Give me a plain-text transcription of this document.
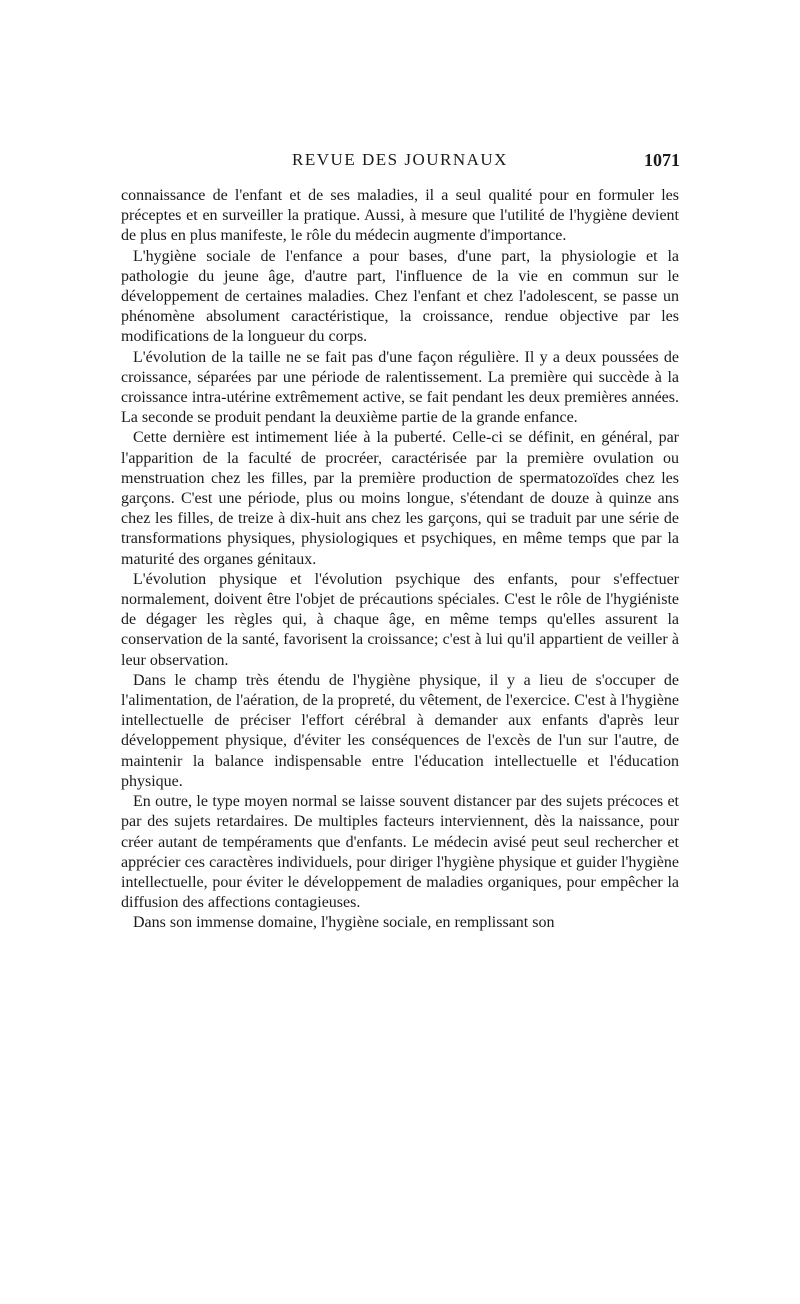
REVUE DES JOURNAUX	1071

connaissance de l'enfant et de ses maladies, il a seul qualité pour en formuler les préceptes et en surveiller la pratique. Aussi, à mesure que l'utilité de l'hygiène devient de plus en plus manifeste, le rôle du médecin augmente d'importance.

L'hygiène sociale de l'enfance a pour bases, d'une part, la physiologie et la pathologie du jeune âge, d'autre part, l'influence de la vie en commun sur le développement de certaines maladies. Chez l'enfant et chez l'adolescent, se passe un phénomène absolument caractéristique, la croissance, rendue objective par les modifications de la longueur du corps.

L'évolution de la taille ne se fait pas d'une façon régulière. Il y a deux poussées de croissance, séparées par une période de ralentissement. La première qui succède à la croissance intra-utérine extrêmement active, se fait pendant les deux premières années. La seconde se produit pendant la deuxième partie de la grande enfance.

Cette dernière est intimement liée à la puberté. Celle-ci se définit, en général, par l'apparition de la faculté de procréer, caractérisée par la première ovulation ou menstruation chez les filles, par la première production de spermatozoïdes chez les garçons. C'est une période, plus ou moins longue, s'étendant de douze à quinze ans chez les filles, de treize à dix-huit ans chez les garçons, qui se traduit par une série de transformations physiques, physiologiques et psychiques, en même temps que par la maturité des organes génitaux.

L'évolution physique et l'évolution psychique des enfants, pour s'effectuer normalement, doivent être l'objet de précautions spéciales. C'est le rôle de l'hygiéniste de dégager les règles qui, à chaque âge, en même temps qu'elles assurent la conservation de la santé, favorisent la croissance; c'est à lui qu'il appartient de veiller à leur observation.

Dans le champ très étendu de l'hygiène physique, il y a lieu de s'occuper de l'alimentation, de l'aération, de la propreté, du vêtement, de l'exercice. C'est à l'hygiène intellectuelle de préciser l'effort cérébral à demander aux enfants d'après leur développement physique, d'éviter les conséquences de l'excès de l'un sur l'autre, de maintenir la balance indispensable entre l'éducation intellectuelle et l'éducation physique.

En outre, le type moyen normal se laisse souvent distancer par des sujets précoces et par des sujets retardaires. De multiples facteurs interviennent, dès la naissance, pour créer autant de tempéraments que d'enfants. Le médecin avisé peut seul rechercher et apprécier ces caractères individuels, pour diriger l'hygiène physique et guider l'hygiène intellectuelle, pour éviter le développement de maladies organiques, pour empêcher la diffusion des affections contagieuses.

Dans son immense domaine, l'hygiène sociale, en remplissant son
